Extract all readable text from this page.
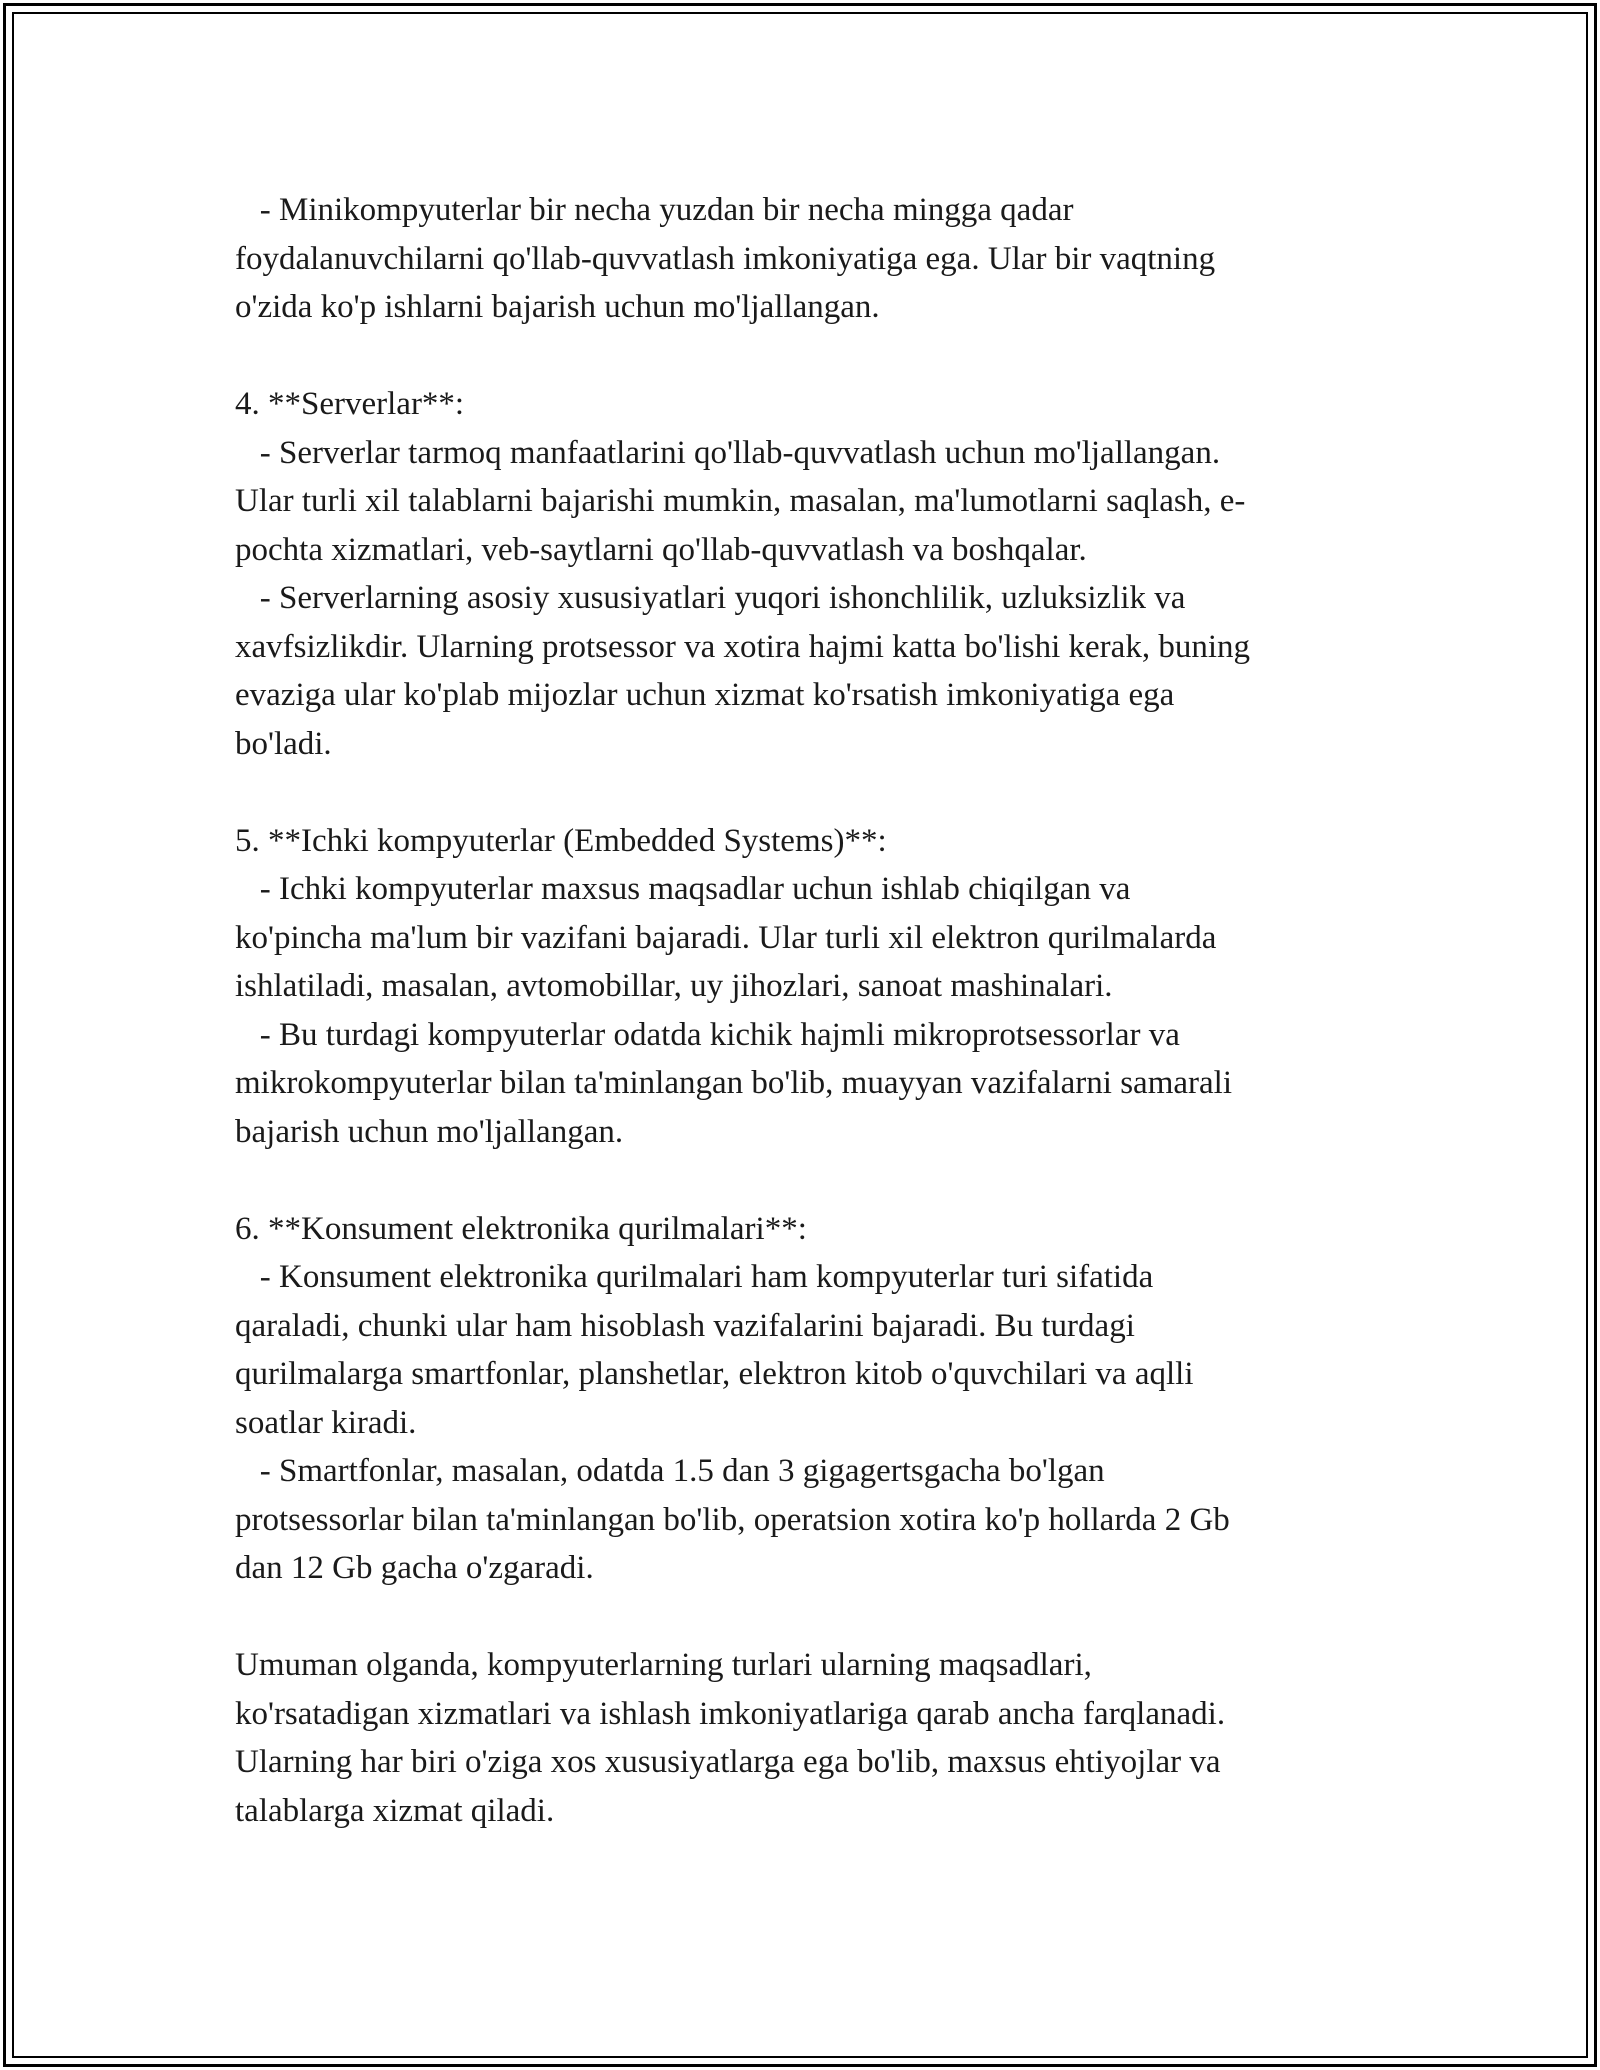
- Minikompyuterlar bir necha yuzdan bir necha mingga qadar
foydalanuvchilarni qo'llab-quvvatlash imkoniyatiga ega. Ular bir vaqtning
o'zida ko'p ishlarni bajarish uchun mo'ljallangan.
4. **Serverlar**:
- Serverlar tarmoq manfaatlarini qo'llab-quvvatlash uchun mo'ljallangan.
Ular turli xil talablarni bajarishi mumkin, masalan, ma'lumotlarni saqlash, e-
pochta xizmatlari, veb-saytlarni qo'llab-quvvatlash va boshqalar.
- Serverlarning asosiy xususiyatlari yuqori ishonchlilik, uzluksizlik va
xavfsizlikdir. Ularning protsessor va xotira hajmi katta bo'lishi kerak, buning
evaziga ular ko'plab mijozlar uchun xizmat ko'rsatish imkoniyatiga ega
bo'ladi.
5. **Ichki kompyuterlar (Embedded Systems)**:
- Ichki kompyuterlar maxsus maqsadlar uchun ishlab chiqilgan va
ko'pincha ma'lum bir vazifani bajaradi. Ular turli xil elektron qurilmalarda
ishlatiladi, masalan, avtomobillar, uy jihozlari, sanoat mashinalari.
- Bu turdagi kompyuterlar odatda kichik hajmli mikroprotsessorlar va
mikrokompyuterlar bilan ta'minlangan bo'lib, muayyan vazifalarni samarali
bajarish uchun mo'ljallangan.
6. **Konsument elektronika qurilmalari**:
- Konsument elektronika qurilmalari ham kompyuterlar turi sifatida
qaraladi, chunki ular ham hisoblash vazifalarini bajaradi. Bu turdagi
qurilmalarga smartfonlar, planshetlar, elektron kitob o'quvchilari va aqlli
soatlar kiradi.
- Smartfonlar, masalan, odatda 1.5 dan 3 gigagertsgacha bo'lgan
protsessorlar bilan ta'minlangan bo'lib, operatsion xotira ko'p hollarda 2 Gb
dan 12 Gb gacha o'zgaradi.
Umuman olganda, kompyuterlarning turlari ularning maqsadlari,
ko'rsatadigan xizmatlari va ishlash imkoniyatlariga qarab ancha farqlanadi.
Ularning har biri o'ziga xos xususiyatlarga ega bo'lib, maxsus ehtiyojlar va
talablarga xizmat qiladi.
